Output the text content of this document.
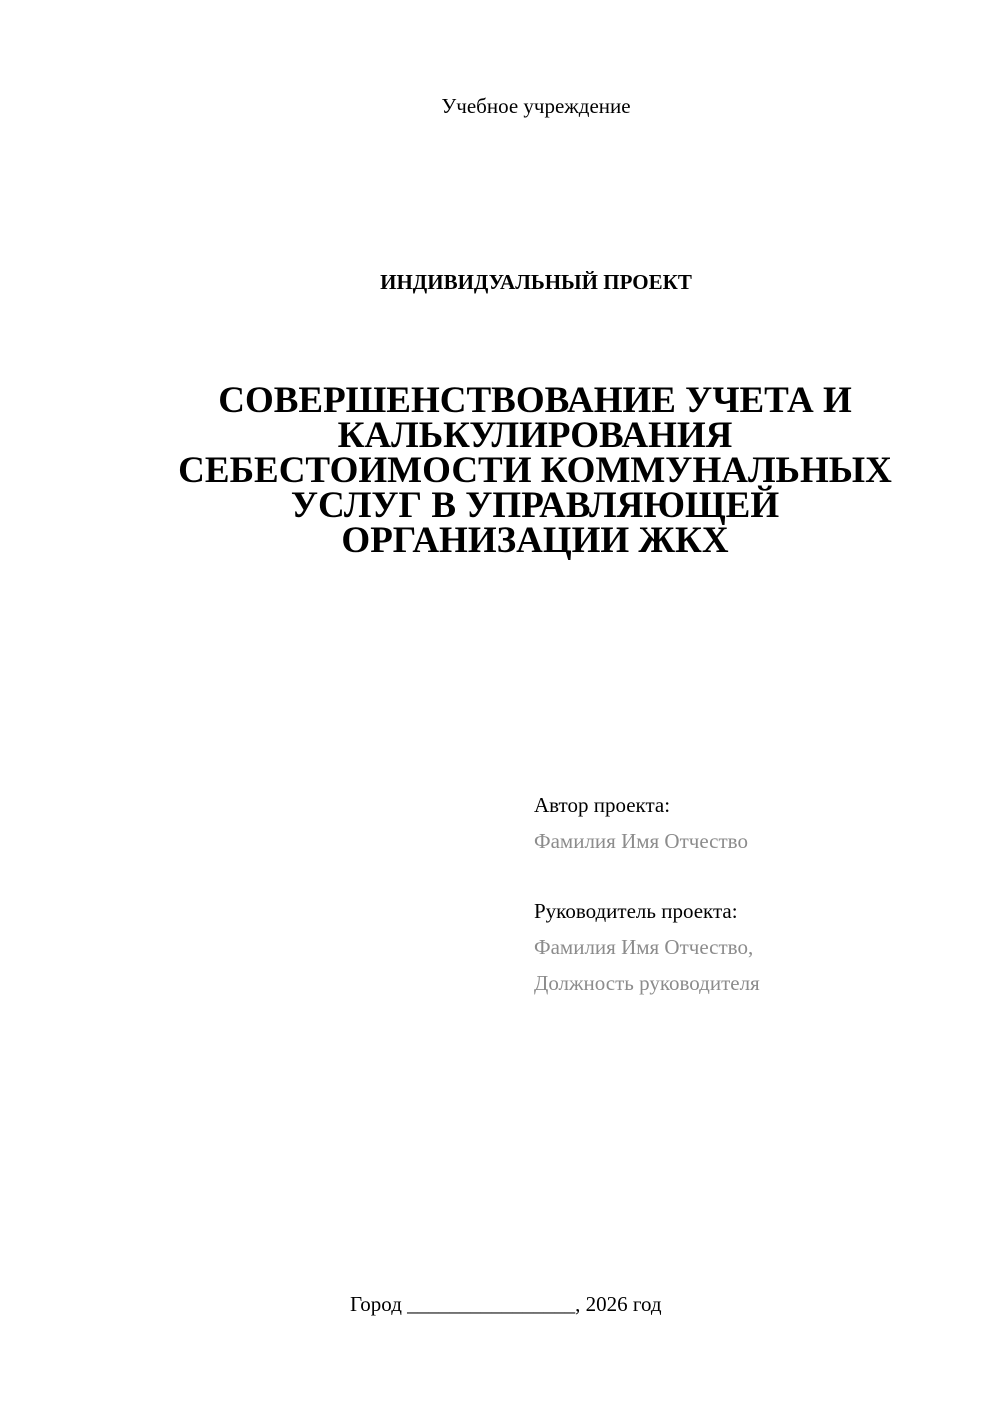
Учебное учреждение
ИНДИВИДУАЛЬНЫЙ ПРОЕКТ
СОВЕРШЕНСТВОВАНИЕ УЧЕТА И
КАЛЬКУЛИРОВАНИЯ
СЕБЕСТОИМОСТИ КОММУНАЛЬНЫХ
УСЛУГ В УПРАВЛЯЮЩЕЙ
ОРГАНИЗАЦИИ ЖКХ
Автор проекта:
Фамилия Имя Отчество
Руководитель проекта:
Фамилия Имя Отчество,
Должность руководителя
Город ________________, 2026 год
